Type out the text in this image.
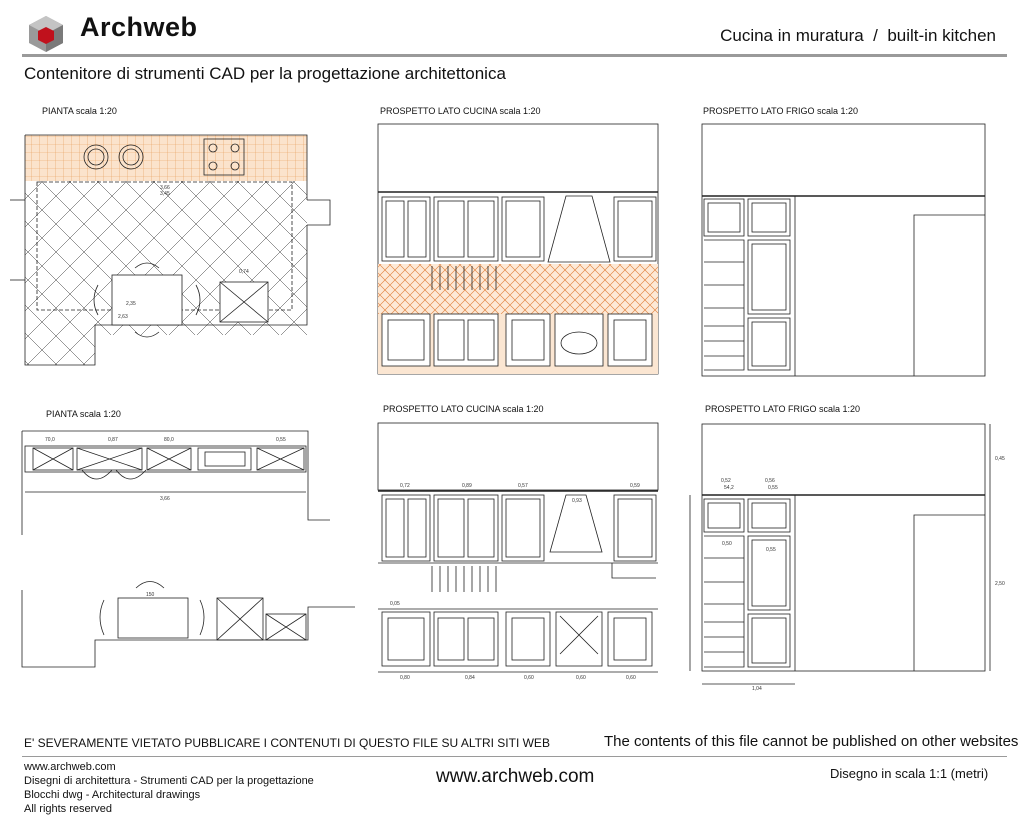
Archweb	Cucina in muratura  /  built-in kitchen
Contenitore di strumenti CAD per la progettazione architettonica
PIANTA scala 1:20	PROSPETTO LATO CUCINA scala 1:20	PROSPETTO LATO FRIGO scala 1:20
PIANTA scala 1:20	PROSPETTO LATO CUCINA scala 1:20	PROSPETTO LATO FRIGO scala 1:20
3,66
3,45
2,35
0,74
2,63
70,0	0,87	80,0	0,55
3,66
150
0,72	0,89	0,57	0,59
0,93
0,05
0,80	0,84	0,60	0,60	0,60
0,52	0,56
54,2	0,55
0,50
0,55
0,45
2,50
1,04
E' SEVERAMENTE VIETATO PUBBLICARE I CONTENUTI DI QUESTO FILE SU ALTRI SITI WEB	The contents of this file cannot be published on other websites
www.archweb.com
Disegni di architettura - Strumenti CAD per la progettazione
Blocchi dwg - Architectural drawings
All rights reserved
www.archweb.com	Disegno in scala 1:1 (metri)
